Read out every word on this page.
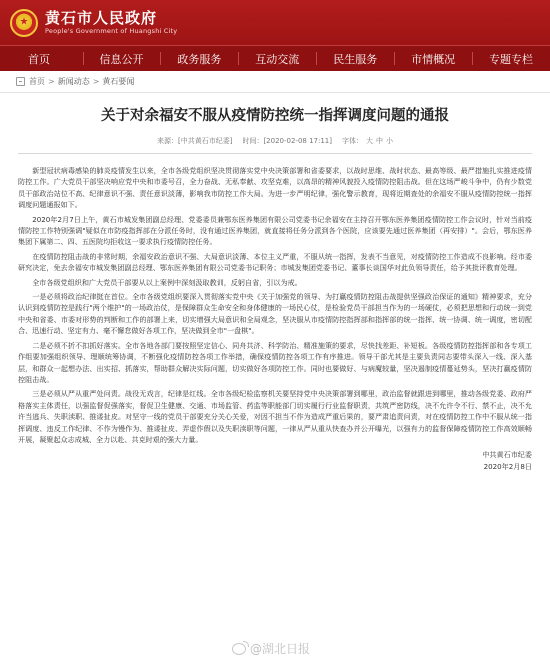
★
黄石市人民政府
People's Government of Huangshi City
首页	信息公开	政务服务	互动交流	民生服务	市情概况	专题专栏
首页 > 新闻动态 > 黄石要闻
关于对余福安不服从疫情防控统一指挥调度问题的通报
来源：[中共黄石市纪委] 时间：[2020-02-08 17:11] 字体： 大 中 小

新型冠状病毒感染的肺炎疫情发生以来，全市各级党组织坚决贯彻落实党中央决策部署和省委要求，以战时思维、战时状态、最高等级、最严措施扎实推进疫情防控工作。广大党员干部坚决响应党中央和市委号召，全力奋战、无私奉献、攻坚克难，以高昂的精神风貌投入疫情防控阻击战。但在这场严峻斗争中，仍有少数党员干部政治站位不高、纪律意识不强、责任意识淡薄，影响我市防控工作大局。为进一步严明纪律，强化警示教育，现将近期查处的余福安不服从疫情防控统一指挥调度问题通报如下。

2020年2月7日上午，黄石市城发集团副总经理、党委委员兼鄂东医养集团有限公司党委书记余福安在主持召开鄂东医养集团疫情防控工作会议时，针对当前疫情防控工作特别强调"疑似在市防疫指挥部在分派任务时，没有通过医养集团，就直接将任务分派到各个医院，应该要先通过医养集团（再安排）"。会后，鄂东医养集团下属第二、四、五医院均拒收这一要求执行疫情防控任务。

在疫情防控阻击战的非常时期，余福安政治意识不强、大局意识淡薄、本位主义严重，不服从统一指挥，发表不当意见，对疫情防控工作造成不良影响。经市委研究决定，免去余福安市城发集团副总经理、鄂东医养集团有限公司党委书记职务；市城发集团党委书记、董事长谈国华对此负领导责任，给予其批评教育处理。

全市各级党组织和广大党员干部要从以上案例中深刻汲取教训，反躬自省，引以为戒。

一是必须将政治纪律挺在首位。全市各级党组织要深入贯彻落实党中央《关于加强党的领导、为打赢疫情防控阻击战提供坚强政治保证的通知》精神要求，充分认识到疫情防控是践行"两个维护"的一场政治仗，是保障群众生命安全和身体健康的一场民心仗，是检验党员干部担当作为的一场硬仗，必须把思想和行动统一到党中央和省委、市委对形势的判断和工作的部署上来，切实增强大局意识和全局观念，坚决服从市疫情防控指挥部和指挥部的统一指挥、统一协调、统一调度，密切配合、迅速行动、坚定有力、毫不懈怠做好各项工作，坚决做到全市"一盘棋"。

二是必须不折不扣抓好落实。全市各地各部门要按照坚定信心、同舟共济、科学防治、精准施策的要求，尽快找差距、补短板。各级疫情防控指挥部和各专项工作组要加强组织领导、理顺统筹协调，不断强化疫情防控各项工作举措，确保疫情防控各项工作有序推进。领导干部尤其是主要负责同志要带头深入一线、深入基层，和群众一起想办法、出实招、抓落实，帮助群众解决实际问题，切实做好各项防控工作。同时也要做好、与病魔较量，坚决遏制疫情蔓延势头，坚决打赢疫情防控阻击战。

三是必须从严从重严处问责。战役无戏言，纪律是红线。全市各级纪检监察机关要坚持党中央决策部署到哪里，政治监督就跟进到哪里，推动各级党委、政府严格落实主体责任，以强监督促强落实，督促卫生健康、交通、市场监管、药监等职能部门切实履行行业监督职责，共筑严密防线，决不允许令不行、禁不止，决不允许当逃兵、失职渎职、推诿扯皮。对坚守一线的党员干部要充分关心关爱，对因不担当不作为造成严重后果的，要严肃追责问责，对在疫情防控工作中不服从统一指挥调度、违反工作纪律、不作为慢作为、推诿扯皮、弄虚作假以及失职渎职等问题，一律从严从重从快查办并公开曝光，以强有力的监督保障疫情防控工作高效顺畅开展，凝聚起众志成城、全力以赴、共克时艰的强大力量。

中共黄石市纪委
2020年2月8日
@湖北日报
